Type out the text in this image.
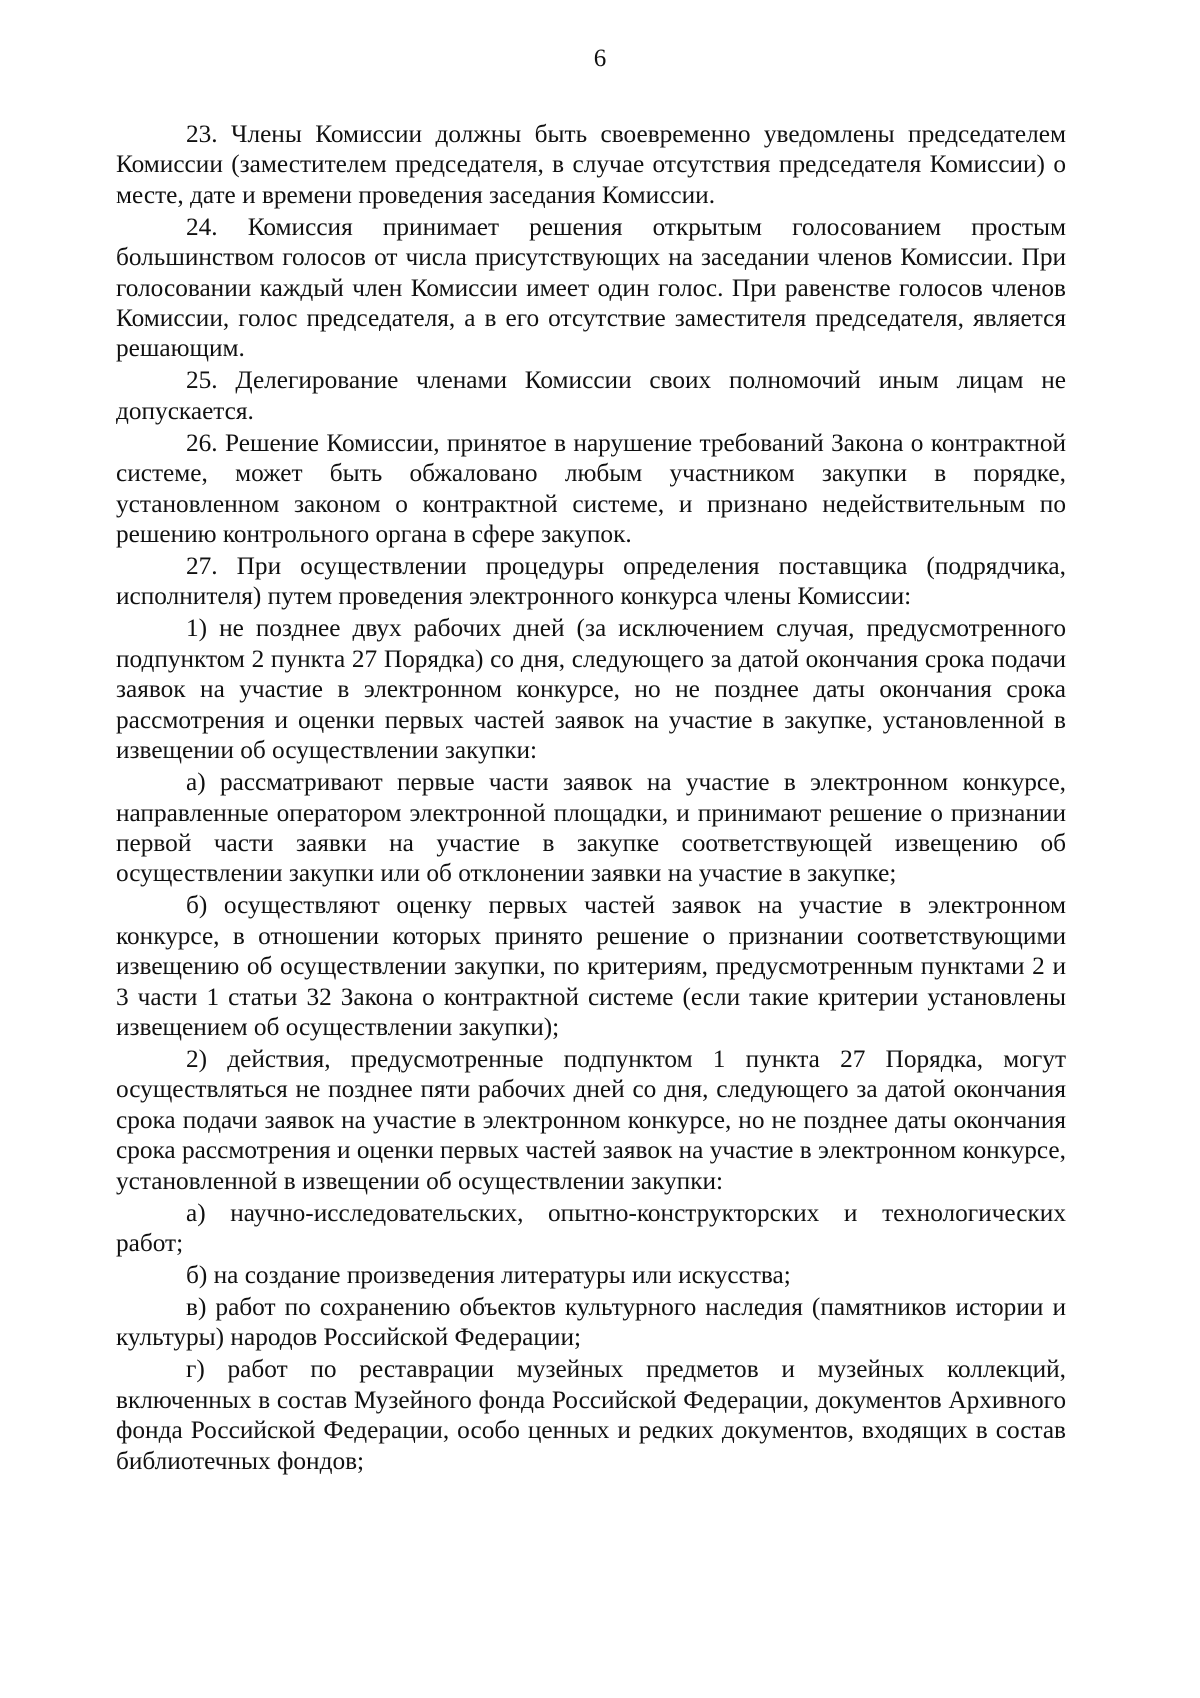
6

23. Члены Комиссии должны быть своевременно уведомлены председателем Комиссии (заместителем председателя, в случае отсутствия председателя Комиссии) о месте, дате и времени проведения заседания Комиссии.

24. Комиссия принимает решения открытым голосованием простым большинством голосов от числа присутствующих на заседании членов Комиссии. При голосовании каждый член Комиссии имеет один голос. При равенстве голосов членов Комиссии, голос председателя, а в его отсутствие заместителя председателя, является решающим.

25. Делегирование членами Комиссии своих полномочий иным лицам не допускается.

26. Решение Комиссии, принятое в нарушение требований Закона о контрактной системе, может быть обжаловано любым участником закупки в порядке, установленном законом о контрактной системе, и признано недействительным по решению контрольного органа в сфере закупок.

27. При осуществлении процедуры определения поставщика (подрядчика, исполнителя) путем проведения электронного конкурса члены Комиссии:

1) не позднее двух рабочих дней (за исключением случая, предусмотренного подпунктом 2 пункта 27 Порядка) со дня, следующего за датой окончания срока подачи заявок на участие в электронном конкурсе, но не позднее даты окончания срока рассмотрения и оценки первых частей заявок на участие в закупке, установленной в извещении об осуществлении закупки:

а) рассматривают первые части заявок на участие в электронном конкурсе, направленные оператором электронной площадки, и принимают решение о признании первой части заявки на участие в закупке соответствующей извещению об осуществлении закупки или об отклонении заявки на участие в закупке;

б) осуществляют оценку первых частей заявок на участие в электронном конкурсе, в отношении которых принято решение о признании соответствующими извещению об осуществлении закупки, по критериям, предусмотренным пунктами 2 и 3 части 1 статьи 32 Закона о контрактной системе (если такие критерии установлены извещением об осуществлении закупки);

2) действия, предусмотренные подпунктом 1 пункта 27 Порядка, могут осуществляться не позднее пяти рабочих дней со дня, следующего за датой окончания срока подачи заявок на участие в электронном конкурсе, но не позднее даты окончания срока рассмотрения и оценки первых частей заявок на участие в электронном конкурсе, установленной в извещении об осуществлении закупки:

а) научно-исследовательских, опытно-конструкторских и технологических работ;

б) на создание произведения литературы или искусства;

в) работ по сохранению объектов культурного наследия (памятников истории и культуры) народов Российской Федерации;

г) работ по реставрации музейных предметов и музейных коллекций, включенных в состав Музейного фонда Российской Федерации, документов Архивного фонда Российской Федерации, особо ценных и редких документов, входящих в состав библиотечных фондов;
